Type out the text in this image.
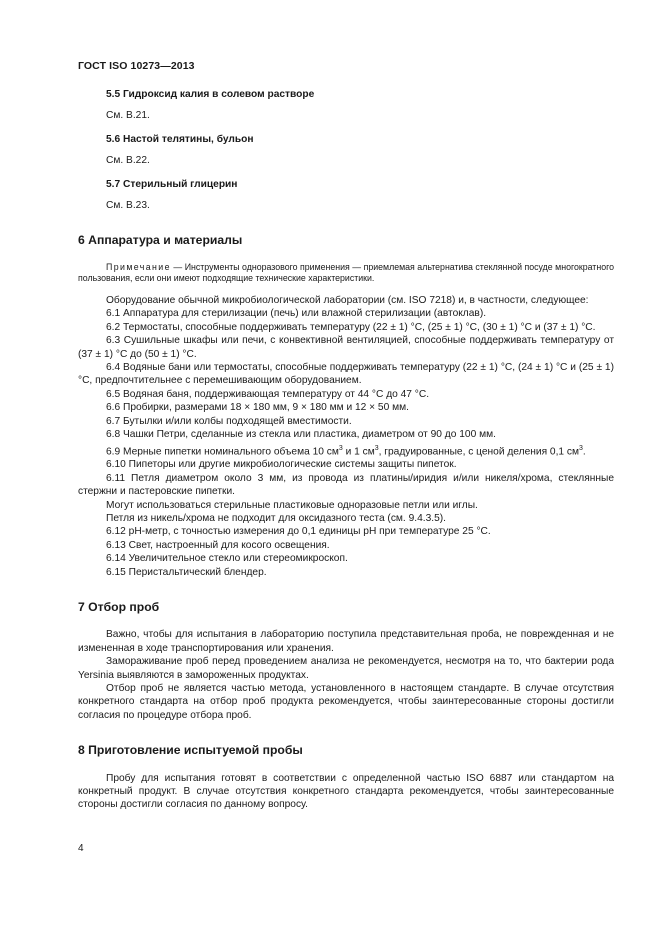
ГОСТ ISO 10273—2013

5.5 Гидроксид калия в солевом растворе

См. В.21.

5.6 Настой телятины, бульон

См. В.22.

5.7 Стерильный глицерин

См. В.23.

6 Аппаратура и материалы

Примечание — Инструменты одноразового применения — приемлемая альтернатива стеклянной посуде многократного пользования, если они имеют подходящие технические характеристики.

Оборудование обычной микробиологической лаборатории (см. ISO 7218) и, в частности, следующее:

6.1 Аппаратура для стерилизации (печь) или влажной стерилизации (автоклав).

6.2 Термостаты, способные поддерживать температуру (22 ± 1) °С, (25 ± 1) °С, (30 ± 1) °С и (37 ± 1) °С.

6.3 Сушильные шкафы или печи, с конвективной вентиляцией, способные поддерживать температуру от (37 ± 1) °С до (50 ± 1) °С.

6.4 Водяные бани или термостаты, способные поддерживать температуру (22 ± 1) °С, (24 ± 1) °С и (25 ± 1) °С, предпочтительнее с перемешивающим оборудованием.

6.5 Водяная баня, поддерживающая температуру от 44 °С до 47 °С.

6.6 Пробирки, размерами 18 × 180 мм, 9 × 180 мм и 12 × 50 мм.

6.7 Бутылки и/или колбы подходящей вместимости.

6.8 Чашки Петри, сделанные из стекла или пластика, диаметром от 90 до 100 мм.

6.9 Мерные пипетки номинального объема 10 $см^3$ и 1 $см^3$, градуированные, с ценой деления 0,1 $см^3$.

6.10 Пипеторы или другие микробиологические системы защиты пипеток.

6.11 Петля диаметром около 3 мм, из провода из платины/иридия и/или никеля/хрома, стеклянные стержни и пастеровские пипетки.

Могут использоваться стерильные пластиковые одноразовые петли или иглы.

Петля из никель/хрома не подходит для оксидазного теста (см. 9.4.3.5).

6.12 pH-метр, с точностью измерения до 0,1 единицы pH при температуре 25 °С.

6.13 Свет, настроенный для косого освещения.

6.14 Увеличительное стекло или стереомикроскоп.

6.15 Перистальтический блендер.

7 Отбор проб

Важно, чтобы для испытания в лабораторию поступила представительная проба, не поврежденная и не измененная в ходе транспортирования или хранения.

Замораживание проб перед проведением анализа не рекомендуется, несмотря на то, что бактерии рода Yersinia выявляются в замороженных продуктах.

Отбор проб не является частью метода, установленного в настоящем стандарте. В случае отсутствия конкретного стандарта на отбор проб продукта рекомендуется, чтобы заинтересованные стороны достигли согласия по процедуре отбора проб.

8 Приготовление испытуемой пробы

Пробу для испытания готовят в соответствии с определенной частью ISO 6887 или стандартом на конкретный продукт. В случае отсутствия конкретного стандарта рекомендуется, чтобы заинтересованные стороны достигли согласия по данному вопросу.

4
